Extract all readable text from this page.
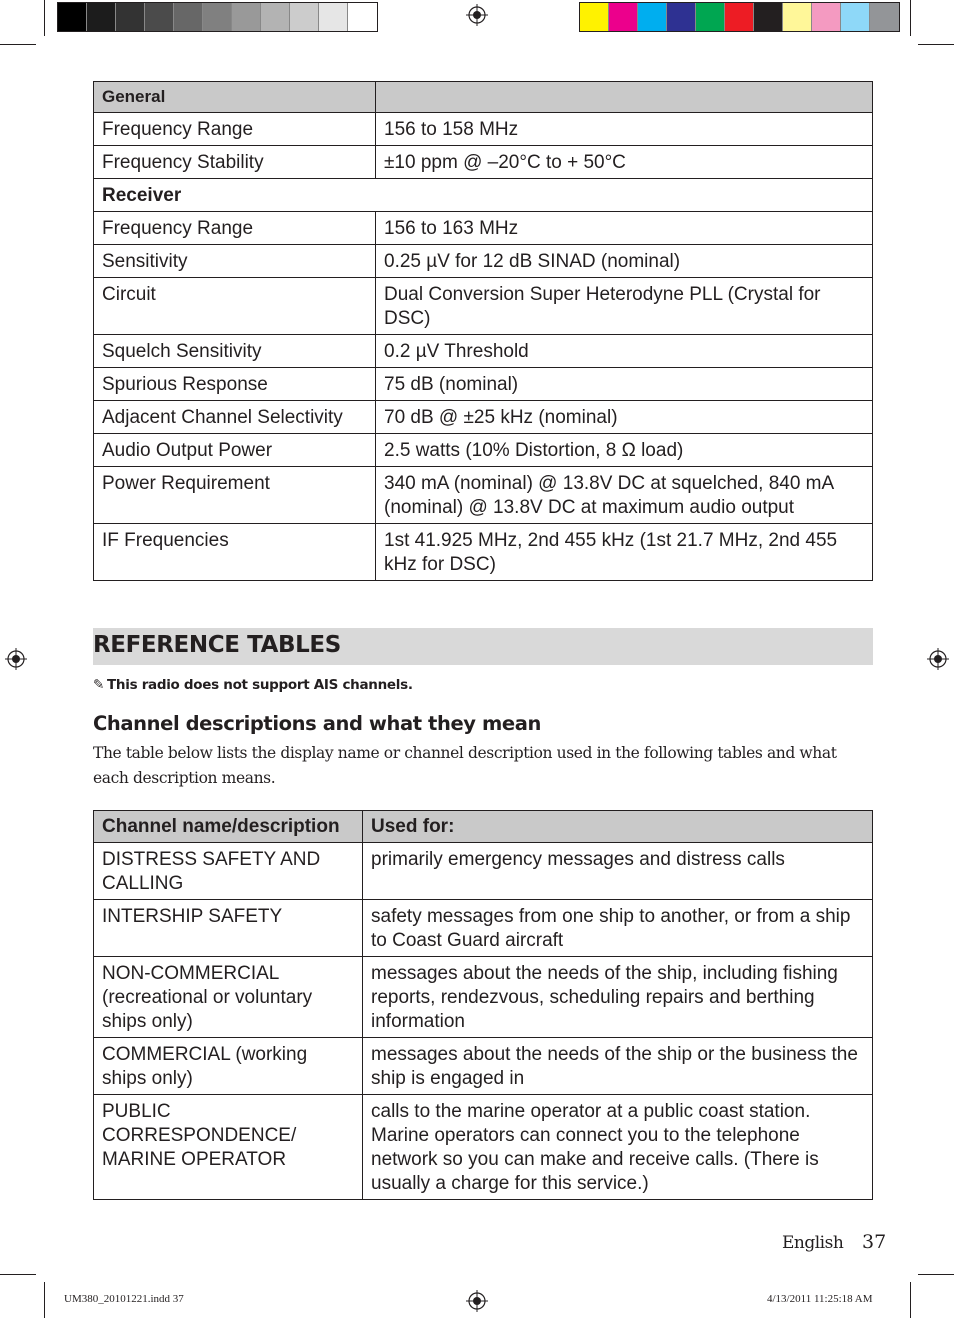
General	
Frequency Range	156 to 158 MHz
Frequency Stability	±10 ppm @ –20°C to + 50°C
Receiver	
Frequency Range	156 to 163 MHz
Sensitivity	0.25 µV for 12 dB SINAD (nominal)
Circuit	Dual Conversion Super Heterodyne PLL (Crystal for DSC)
Squelch Sensitivity	0.2 µV Threshold
Spurious Response	75 dB (nominal)
Adjacent Channel Selectivity	70 dB @ ±25 kHz (nominal)
Audio Output Power	2.5 watts (10% Distortion, 8 Ω load)
Power Requirement	340 mA (nominal) @ 13.8V DC at squelched, 840 mA (nominal) @ 13.8V DC at maximum audio output
IF Frequencies	1st 41.925 MHz, 2nd 455 kHz (1st 21.7 MHz, 2nd 455 kHz for DSC)
REFERENCE TABLES
✎ This radio does not support AIS channels.
Channel descriptions and what they mean
The table below lists the display name or channel description used in the following tables and what each description means.
Channel name/description	Used for:
DISTRESS SAFETY AND CALLING	primarily emergency messages and distress calls
INTERSHIP SAFETY	safety messages from one ship to another, or from a ship to Coast Guard aircraft
NON-COMMERCIAL (recreational or voluntary ships only)	messages about the needs of the ship, including fishing reports, rendezvous, scheduling repairs and berthing information
COMMERCIAL (working ships only)	messages about the needs of the ship or the business the ship is engaged in
PUBLIC CORRESPONDENCE/ MARINE OPERATOR	calls to the marine operator at a public coast station. Marine operators can connect you to the telephone network so you can make and receive calls. (There is usually a charge for this service.)
English 37
UM380_20101221.indd 37	4/13/2011 11:25:18 AM
